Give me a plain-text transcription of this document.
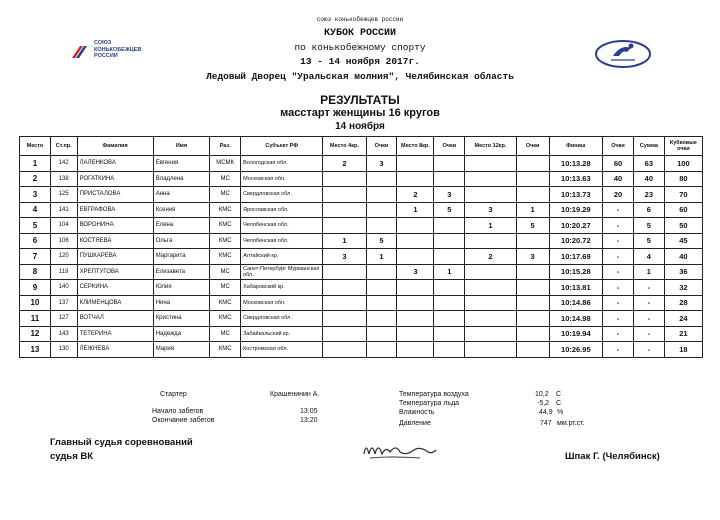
союз конькобежцев россии
КУБОК РОССИИ
по конькобежному спорту
13 - 14 ноября 2017г.
Ледовый Дворец "Уральская молния", Челябинская область
СОЮЗ
КОНЬКОБЕЖЦЕВ
РОССИИ
РЕЗУЛЬТАТЫ
масстарт женщины 16 кругов
14 ноября
Место	Ст.пр.	Фамилия	Имя	Раз.	Субъект РФ	Место 4кр.	Очки	Место 8кр.	Очки	Место 12кр.	Очки	Финиш	Очки	Сумма	Кубковые очки
1	142	ЛАЛЕНКОВА	Евгения	МСМК	Вологодская обл.	2	3					10:13.28	60	63	100
2	138	РОГАТКИНА	Владлена	МС	Московская обл.							10:13.63	40	40	80
3	125	ПРИСТАЛОВА	Анна	МС	Свердловская обл.			2	3			10:13.73	20	23	70
4	141	ЕВГРАФОВА	Ксения	КМС	Ярославская обл.			1	5	3	1	10:19.29	-	6	60
5	104	ВОРОНИНА	Елена	КМС	Челябинская обл.					1	5	10:20.27	-	5	50
6	106	КОСТЯЕВА	Ольга	КМС	Челябинская обл.	1	5					10:20.72	-	5	45
7	120	ПУШКАРЕВА	Маргарита	КМС	Алтайский кр.	3	1			2	3	10:17.69	-	4	40
8	119	ХРЕПТУГОВА	Елизавета	МС	Санкт-Петербург Мурманская обл.			3	1			10:15.28	-	1	36
9	140	СЕРКИНА	Юлия	МС	Хабаровский кр.							10:13.81	-	-	32
10	137	КЛИМЕНЦОВА	Нина	КМС	Московская обл.							10:14.86	-	-	28
11	127	ВОТЧАЛ	Кристина	КМС	Свердловская обл.							10:14.98	-	-	24
12	143	ТЕТЕРИНА	Надежда	МС	Забайкальский кр.							10:19.94	-	-	21
13	130	ЛЕЖНЕВА	Мария	КМС	Костромская обл.							10:26.95	-	-	18
Стартер	Крашенинин А.
Начало забегов	13:05
Окончание забегов	13:20
Температура воздуха	10,2 С
Температура льда	-5,2 С
Влажность	44,9 %
Давление	747 мм.рт.ст.
Главный судья соревнований
судья ВК	Шпак Г. (Челябинск)
